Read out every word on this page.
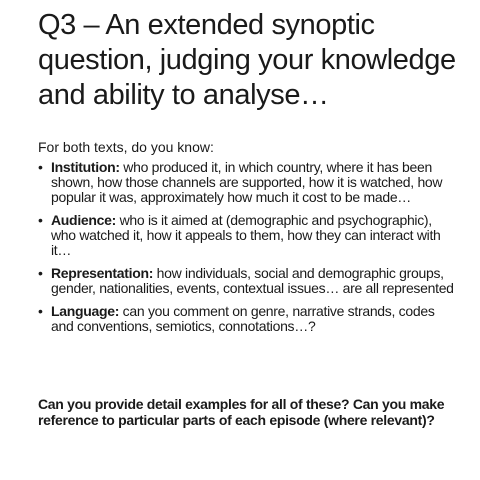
Q3 – An extended synoptic question, judging your knowledge and ability to analyse…

For both texts, do you know:

• Institution: who produced it, in which country, where it has been shown, how those channels are supported, how it is watched, how popular it was, approximately how much it cost to be made…
• Audience: who is it aimed at (demographic and psychographic), who watched it, how it appeals to them, how they can interact with it…
• Representation: how individuals, social and demographic groups, gender, nationalities, events, contextual issues… are all represented
• Language: can you comment on genre, narrative strands, codes and conventions, semiotics, connotations…?

Can you provide detail examples for all of these? Can you make reference to particular parts of each episode (where relevant)?
